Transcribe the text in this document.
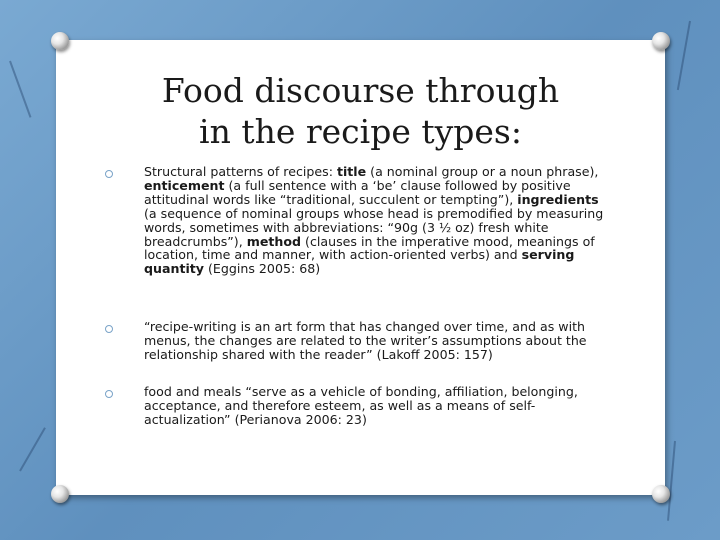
Food discourse through
in the recipe types:
Structural patterns of recipes: title (a nominal group or a noun phrase), enticement (a full sentence with a ‘be’ clause followed by positive attitudinal words like “traditional, succulent or tempting”), ingredients (a sequence of nominal groups whose head is premodified by measuring words, sometimes with abbreviations: “90g (3 ½ oz) fresh white breadcrumbs”), method (clauses in the imperative mood, meanings of location, time and manner, with action-oriented verbs) and serving quantity (Eggins 2005: 68)
“recipe-writing is an art form that has changed over time, and as with menus, the changes are related to the writer’s assumptions about the relationship shared with the reader” (Lakoff 2005: 157)
food and meals “serve as a vehicle of bonding, affiliation, belonging, acceptance, and therefore esteem, as well as a means of self-actualization” (Perianova 2006: 23)
